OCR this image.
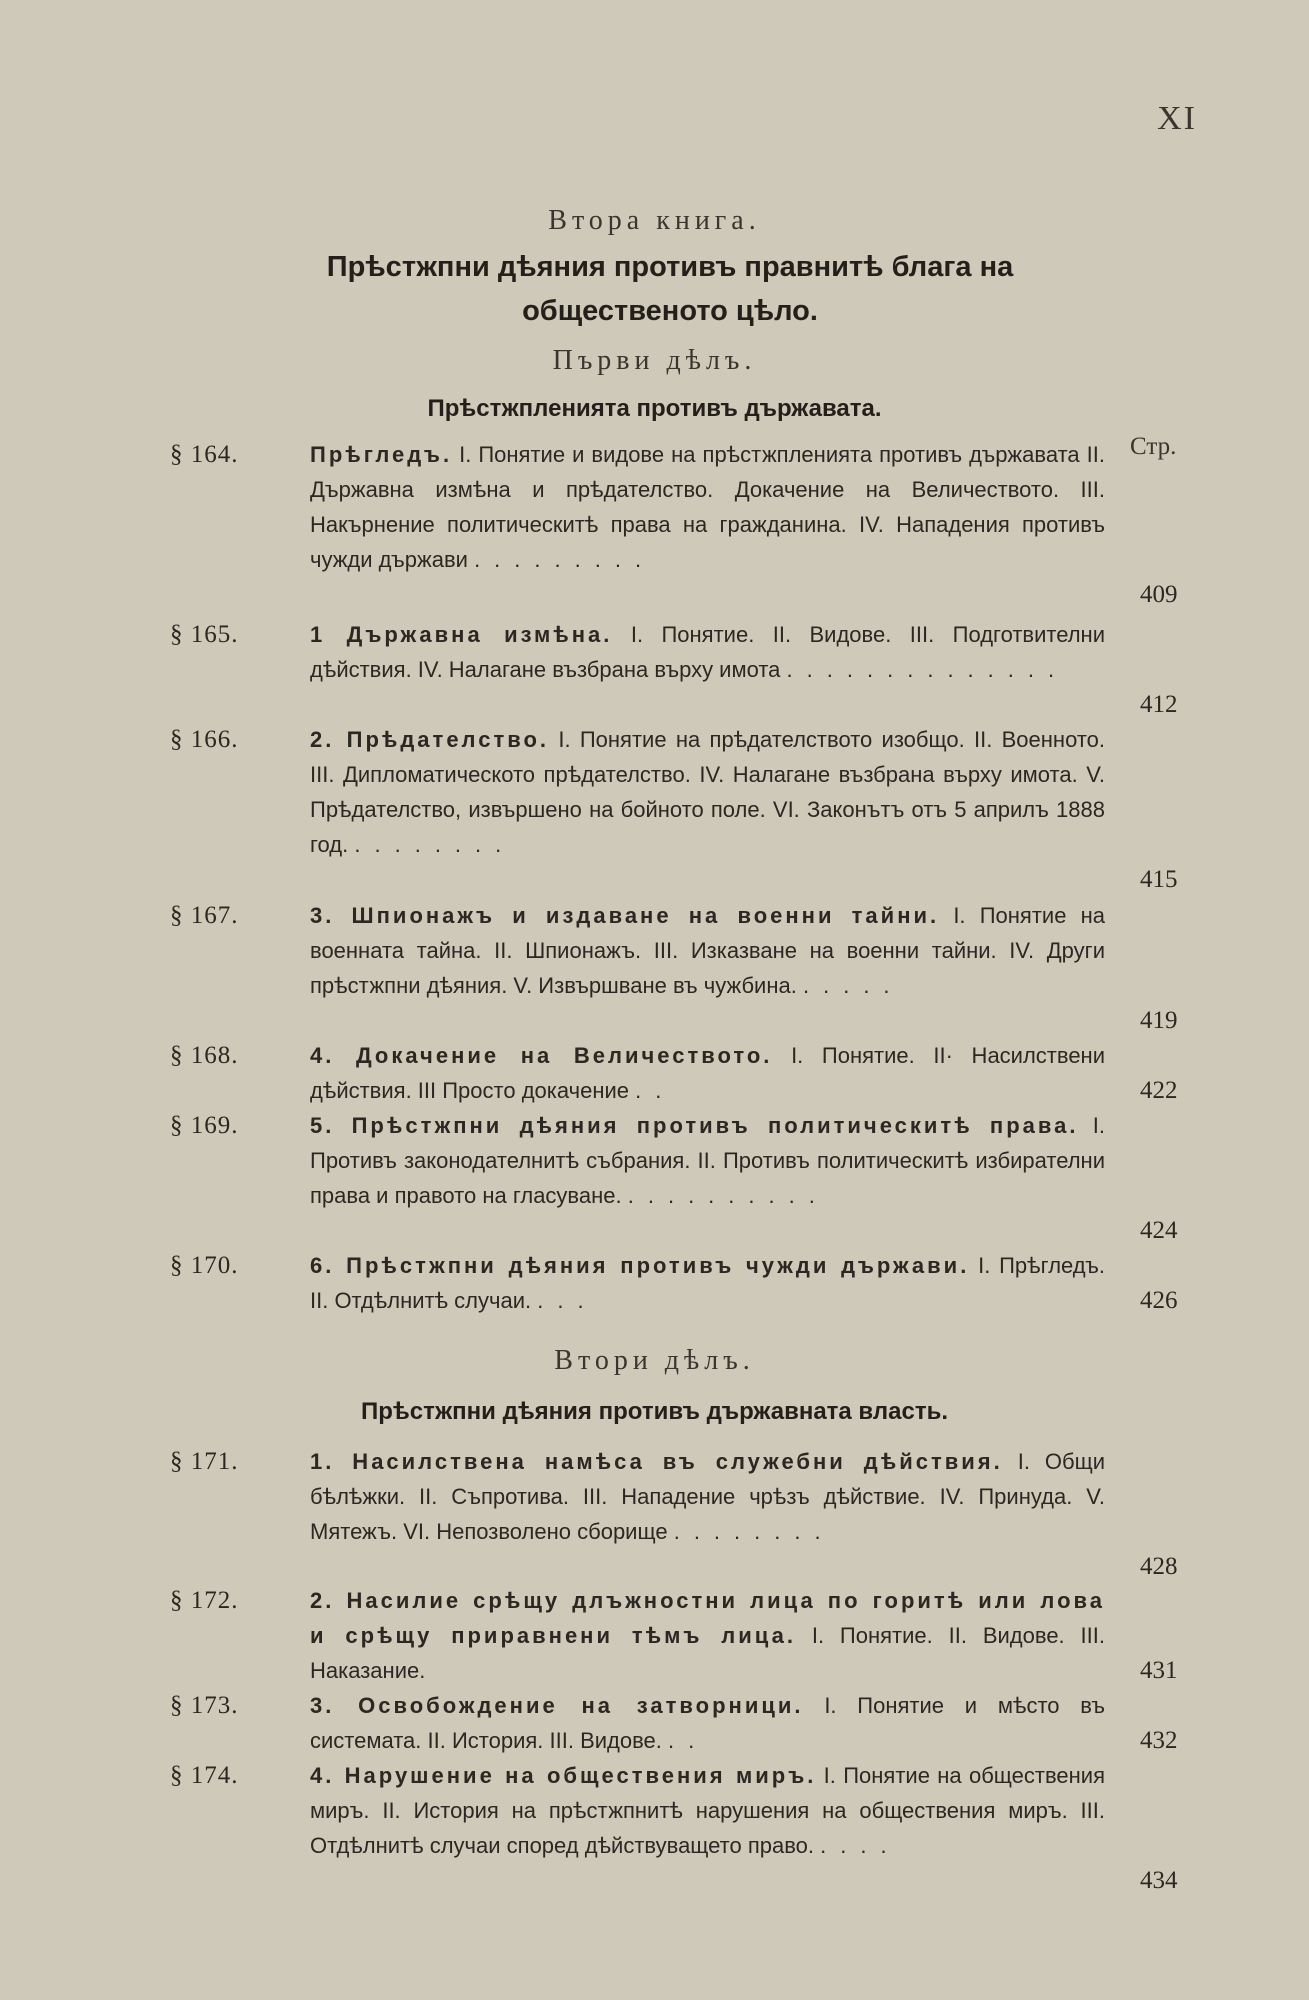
XI
Втора книга.
Прѣстжпни дѣяния противъ правнитѣ блага на общественото цѣло.
Първи дѣлъ.
Прѣстжпленията противъ държавата.
Стр.
§ 164.	Прѣгледъ. I. Понятие и видове на прѣстжпленията противъ държавата II. Държавна измѣна и прѣдателство. Докачение на Величеството. III. Накърнение политическитѣ права на гражданина. IV. Нападения противъ чужди държави .........
409
§ 165.	1 Държавна измѣна. I. Понятие. II. Видове. III. Подготвителни дѣйствия. IV. Налагане възбрана върху имота ..............
412
§ 166.	2. Прѣдателство. I. Понятие на прѣдателството изобщо. II. Военното. III. Дипломатическото прѣдателство. IV. Налагане възбрана върху имота. V. Прѣдателство, извършено на бойното поле. VI. Законътъ отъ 5 априлъ 1888 год. ........
415
§ 167.	3. Шпионажъ и издаване на военни тайни. I. Понятие на военната тайна. II. Шпионажъ. III. Изказване на военни тайни. IV. Други прѣстжпни дѣяния. V. Извършване въ чужбина. .....
419
§ 168.	4. Докачение на Величеството. I. Понятие. II· Насилствени дѣйствия. III Просто докачение ..	422
§ 169.	5. Прѣстжпни дѣяния противъ политическитѣ права. I. Противъ законодателнитѣ събрания. II. Противъ политическитѣ избирателни права и правото на гласуване. ..........
424
§ 170.	6. Прѣстжпни дѣяния противъ чужди държави. I. Прѣгледъ. II. Отдѣлнитѣ случаи. ...	426
Втори дѣлъ.
Прѣстжпни дѣяния противъ държавната власть.
§ 171.	1. Насилствена намѣса въ служебни дѣйствия. I. Общи бѣлѣжки. II. Съпротива. III. Нападение чрѣзъ дѣйствие. IV. Принуда. V. Мятежъ. VI. Непозволено сборище ........
428
§ 172.	2. Насилие срѣщу длъжностни лица по горитѣ или лова и срѣщу приравнени тѣмъ лица. I. Понятие. II. Видове. III. Наказание.	431
§ 173.	3. Освобождение на затворници. I. Понятие и мѣсто въ системата. II. История. III. Видове. ..	432
§ 174.	4. Нарушение на обществения миръ. I. Понятие на обществения миръ. II. История на прѣстжпнитѣ нарушения на обществения миръ. III. Отдѣлнитѣ случаи според дѣйствуващето право. ....
434
